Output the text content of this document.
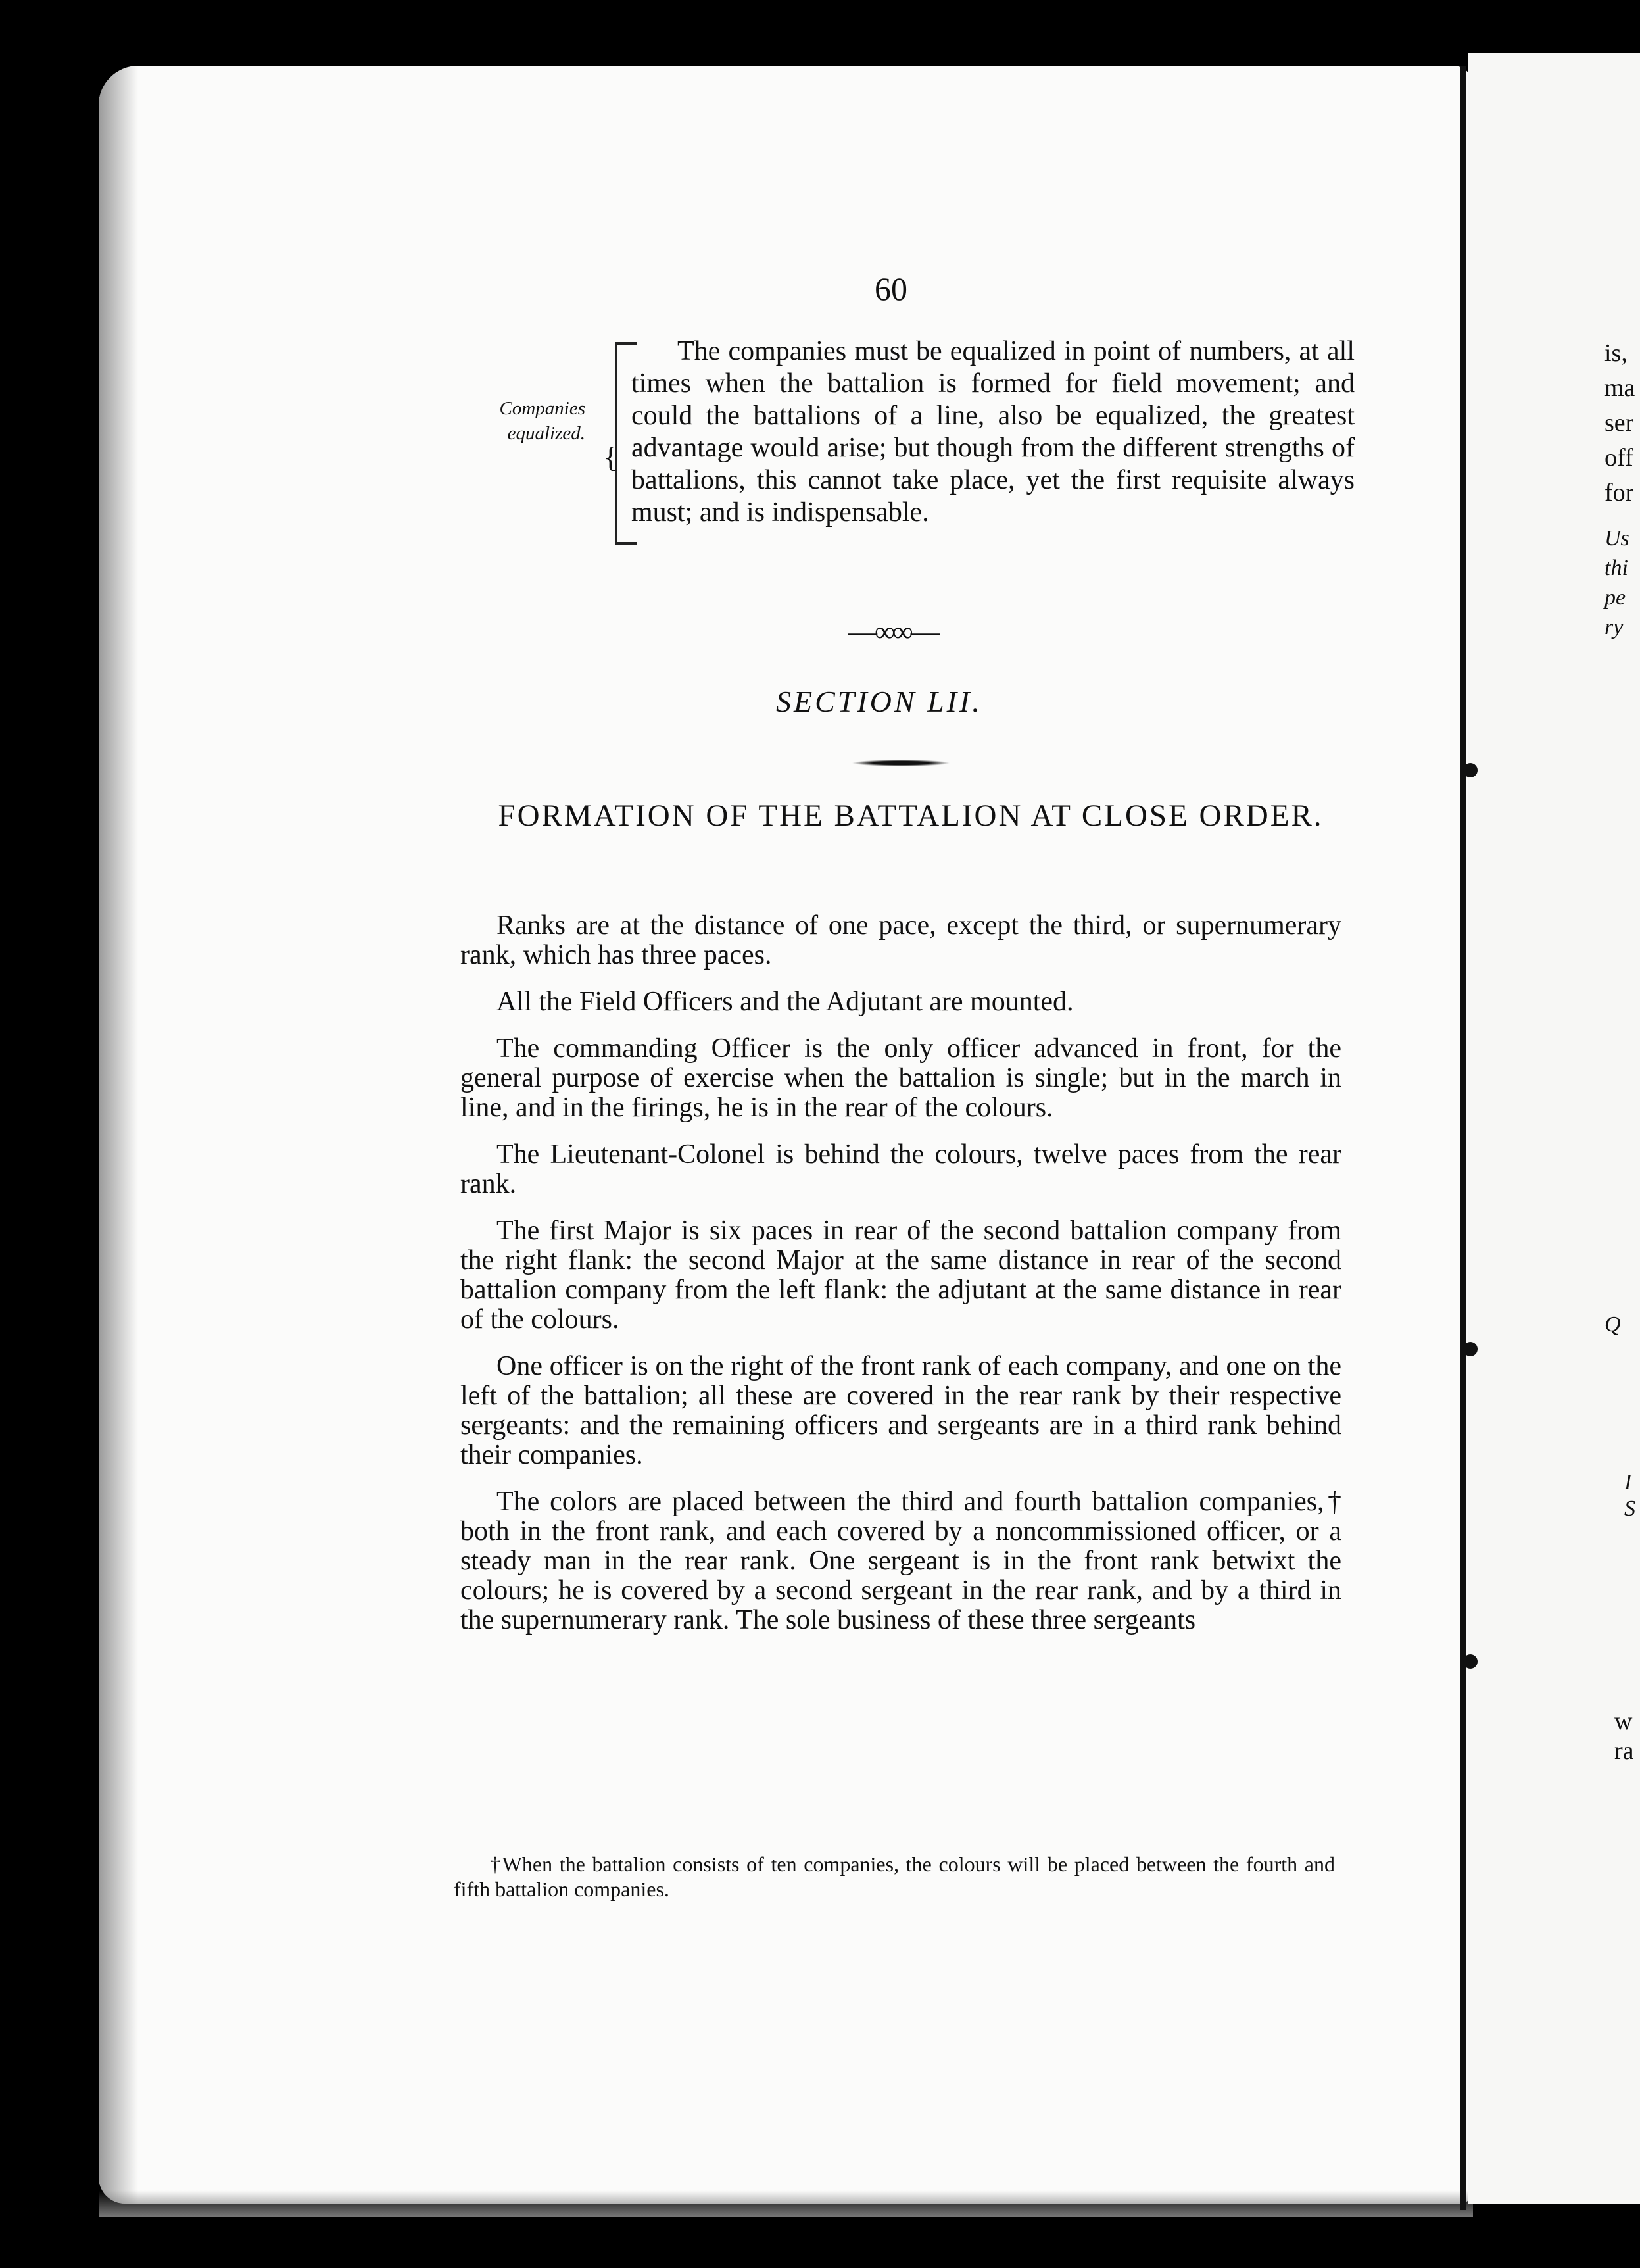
60
Companies equalized.
{

The companies must be equalized in point of numbers, at all times when the battalion is formed for field movement; and could the battalions of a line, also be equalized, the greatest advantage would arise; but though from the different strengths of battalions, this cannot take place, yet the first requisite always must; and is indispensable.

—∞∞—
SECTION LII.
FORMATION OF THE BATTALION AT CLOSE ORDER.

Ranks are at the distance of one pace, except the third, or supernumerary rank, which has three paces.

All the Field Officers and the Adjutant are mounted.

The commanding Officer is the only officer advanced in front, for the general purpose of exercise when the battalion is single; but in the march in line, and in the firings, he is in the rear of the colours.

The Lieutenant-Colonel is behind the colours, twelve paces from the rear rank.

The first Major is six paces in rear of the second battalion company from the right flank: the second Major at the same distance in rear of the second battalion company from the left flank: the adjutant at the same distance in rear of the colours.

One officer is on the right of the front rank of each company, and one on the left of the battalion; all these are covered in the rear rank by their respective sergeants: and the remaining officers and sergeants are in a third rank behind their companies.

The colors are placed between the third and fourth battalion companies,† both in the front rank, and each covered by a noncommissioned officer, or a steady man in the rear rank. One sergeant is in the front rank betwixt the colours; he is covered by a second sergeant in the rear rank, and by a third in the supernumerary rank. The sole business of these three sergeants

†When the battalion consists of ten companies, the colours will be placed between the fourth and fifth battalion companies.

is,
ma
ser
off
for
Us
thi
pe
ry
Q
I
S
w
ra
